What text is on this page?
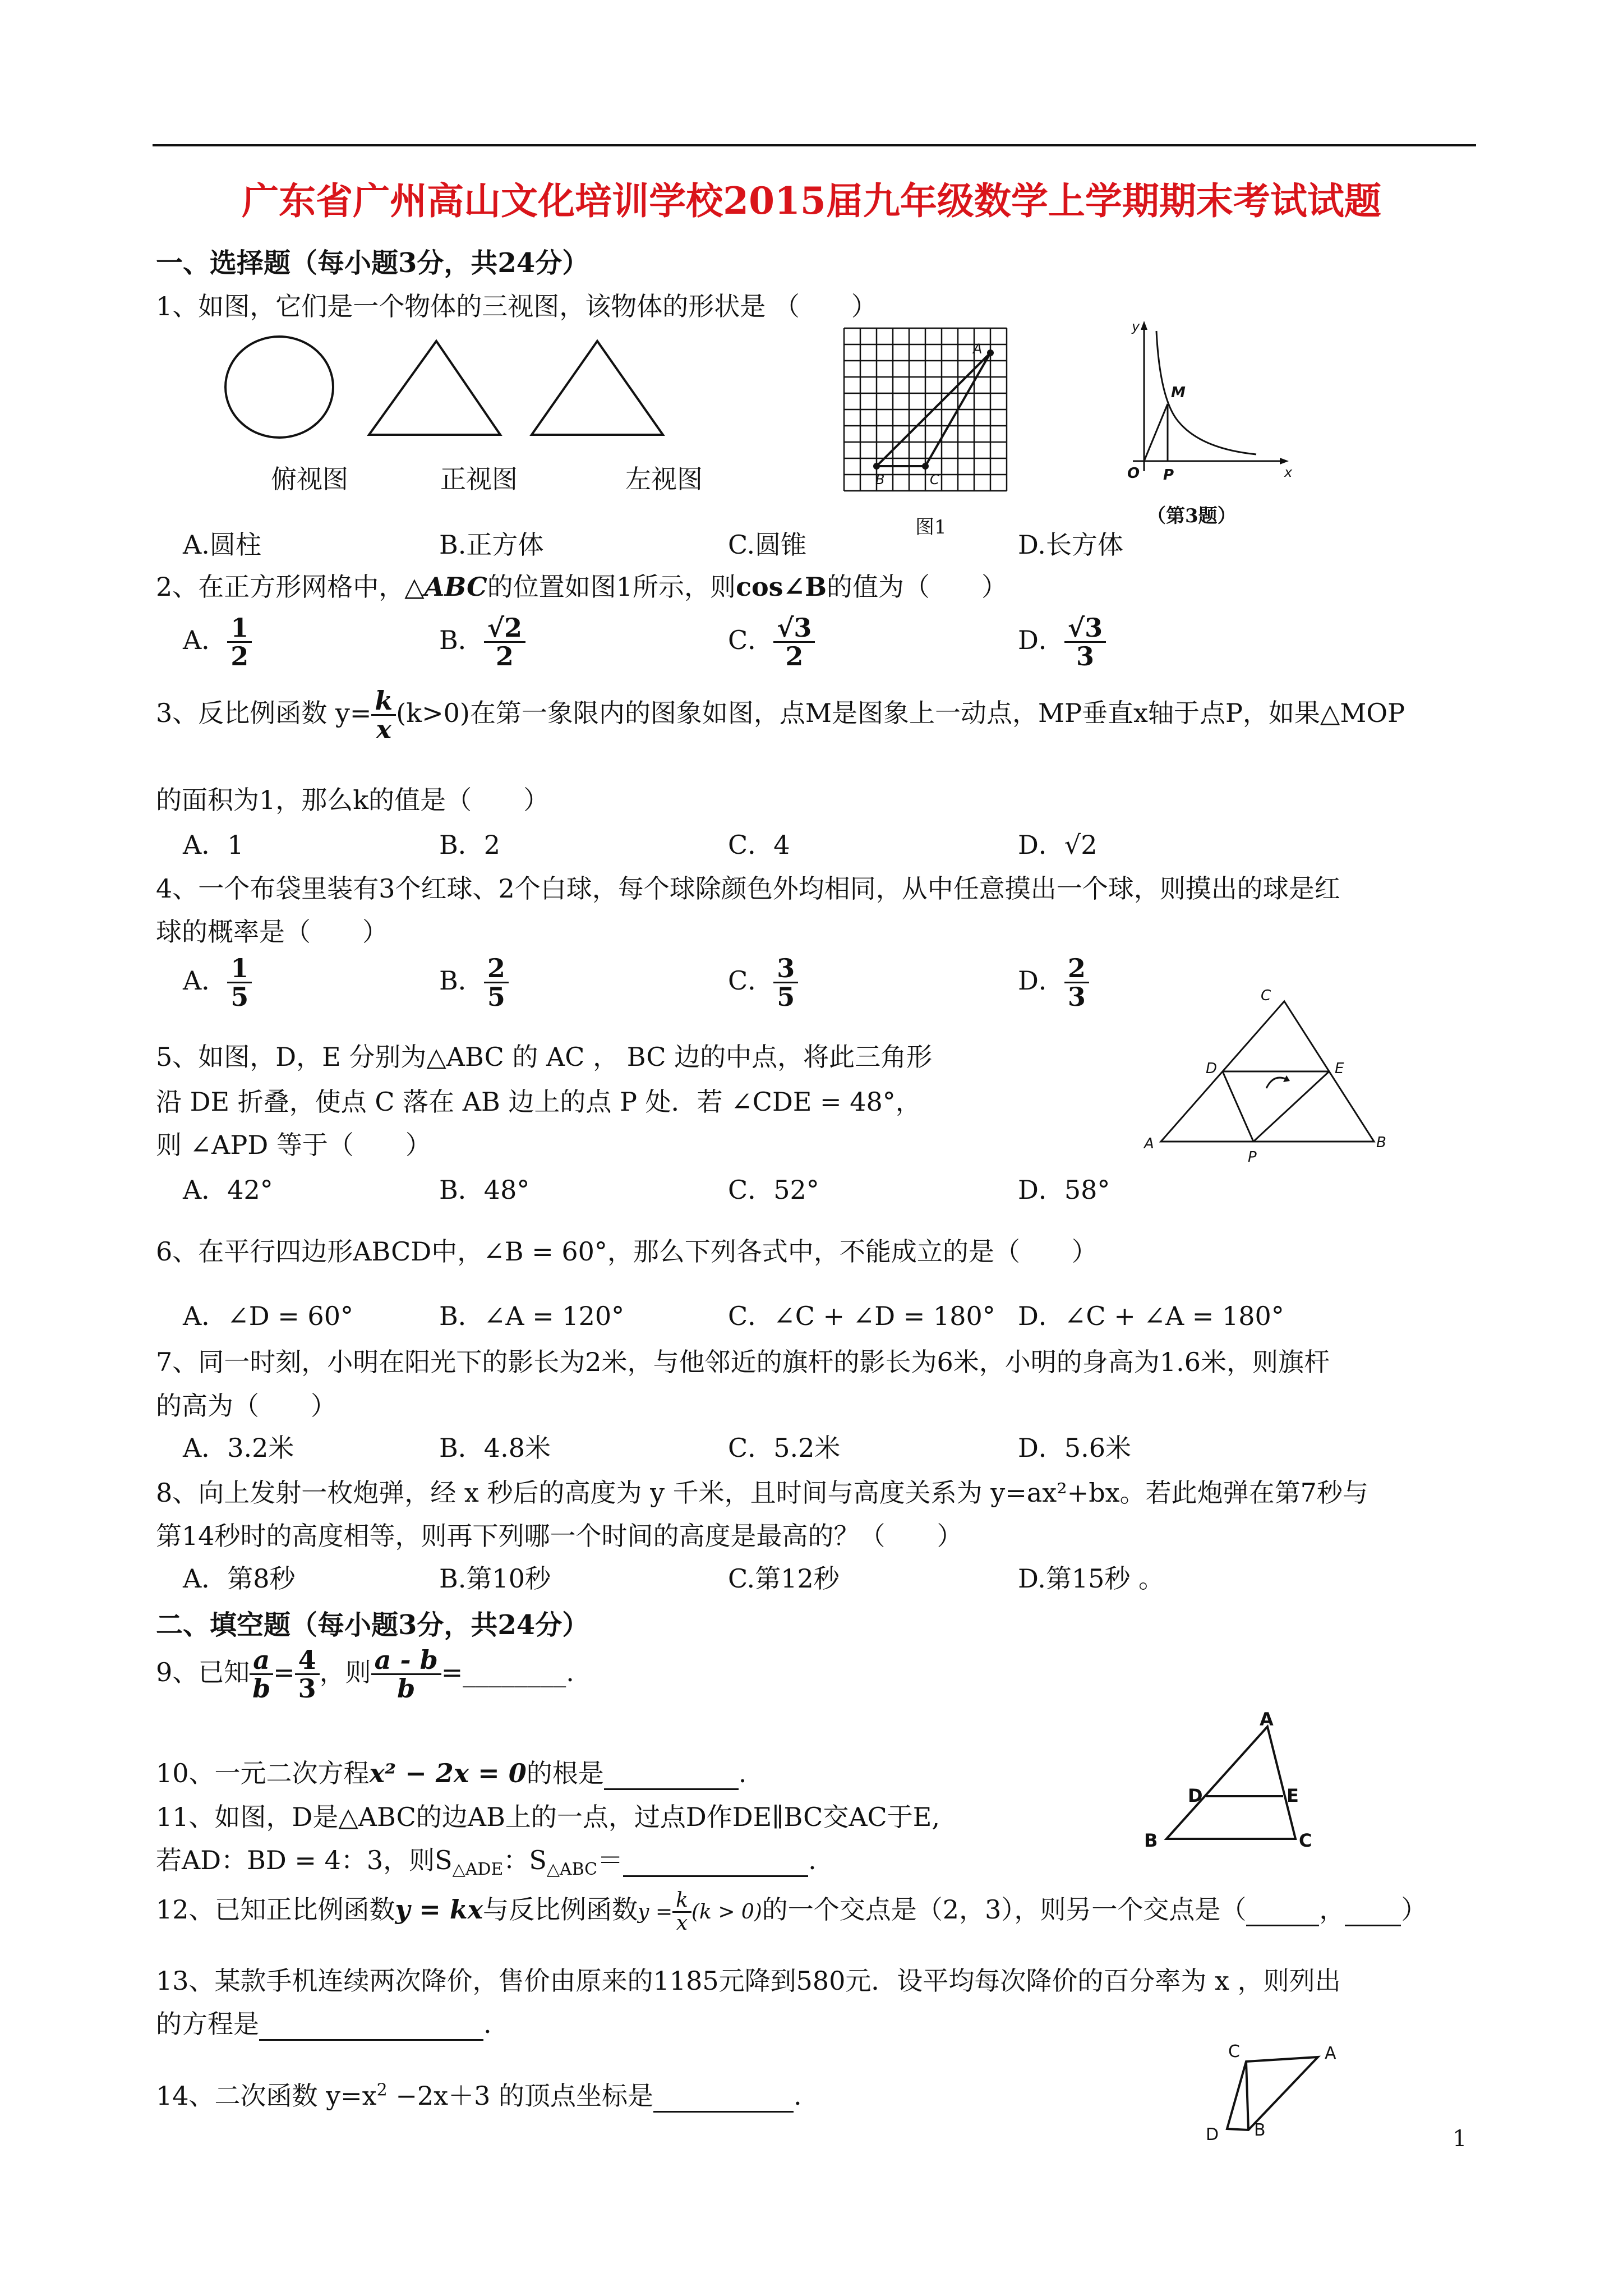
广东省广州高山文化培训学校2015届九年级数学上学期期末考试试题
一、选择题（每小题3分，共24分）
1、如图，它们是一个物体的三视图，该物体的形状是 （　　）
俯视图	正视图	左视图
A.圆柱	B.正方体	C.圆锥	D.长方体
A
B	C
图1
y
M
O P	x
（第3题）
2、在正方形网格中，△ABC的位置如图1所示，则cos∠B的值为（　　）
A． $\frac{1}{2}$	B． $\frac{√2}{2}$	C． $\frac{√3}{2}$	D． $\frac{√3}{3}$
3、反比例函数 $y= \frac{k}{x} (k>0)$在第一象限内的图象如图，点M是图象上一动点，MP垂直x轴于点P，如果△MOP
的面积为1，那么k的值是（　　）
A．1	B．2	C．4	D．√2
4、一个布袋里装有3个红球、2个白球，每个球除颜色外均相同，从中任意摸出一个球，则摸出的球是红
球的概率是（　　）
A． $\frac{1}{5}$	B． $\frac{2}{5}$	C． $\frac{3}{5}$	D． $\frac{2}{3}$
5、如图，D，E 分别为△ABC 的 AC ， BC 边的中点，将此三角形
沿 DE 折叠，使点 C 落在 AB 边上的点 P 处．若 ∠CDE = 48°，
则 ∠APD 等于（　　）
A．42°	B．48°	C．52°	D．58°
C
D	E
A
P
B
6、在平行四边形ABCD中，∠B = 60°，那么下列各式中，不能成立的是（　　）
A．∠D = 60°	B．∠A = 120°	C．∠C + ∠D = 180° D．∠C + ∠A = 180°
7、同一时刻，小明在阳光下的影长为2米，与他邻近的旗杆的影长为6米，小明的身高为1.6米，则旗杆
的高为（　　）
A．3.2米	B．4.8米	C．5.2米	D．5.6米
8、向上发射一枚炮弹，经 x 秒后的高度为 y 千米，且时间与高度关系为 y=ax²+bx。若此炮弹在第7秒与
第14秒时的高度相等，则再下列哪一个时间的高度是最高的？（　　）
A．第8秒	B.第10秒	C.第12秒	D.第15秒 。
二、填空题（每小题3分，共24分）
9、已知 $\frac{a}{b} = \frac{4}{3}$ ，则 $\frac{a - b}{b}$ =________.
10、一元二次方程x² − 2x = 0的根是	.
A
D	E
B	C
11、如图，D是△ABC的边AB上的一点，过点D作DE∥BC交AC于E,
若AD：BD = 4：3，则$S_{\triangle ADE}$：$S_{\triangle ABC}=$	.
12、已知正比例函数y = kx与反比例函数$y = \frac{k}{x} (k > 0)$的一个交点是（2，3），则另一个交点是（	， ）
13、某款手机连续两次降价，售价由原来的1185元降到580元．设平均每次降价的百分率为 x ，则列出
的方程是	.
C	A
D B
14、二次函数 $y=x^2 -2x+3$ 的顶点坐标是	.
1
